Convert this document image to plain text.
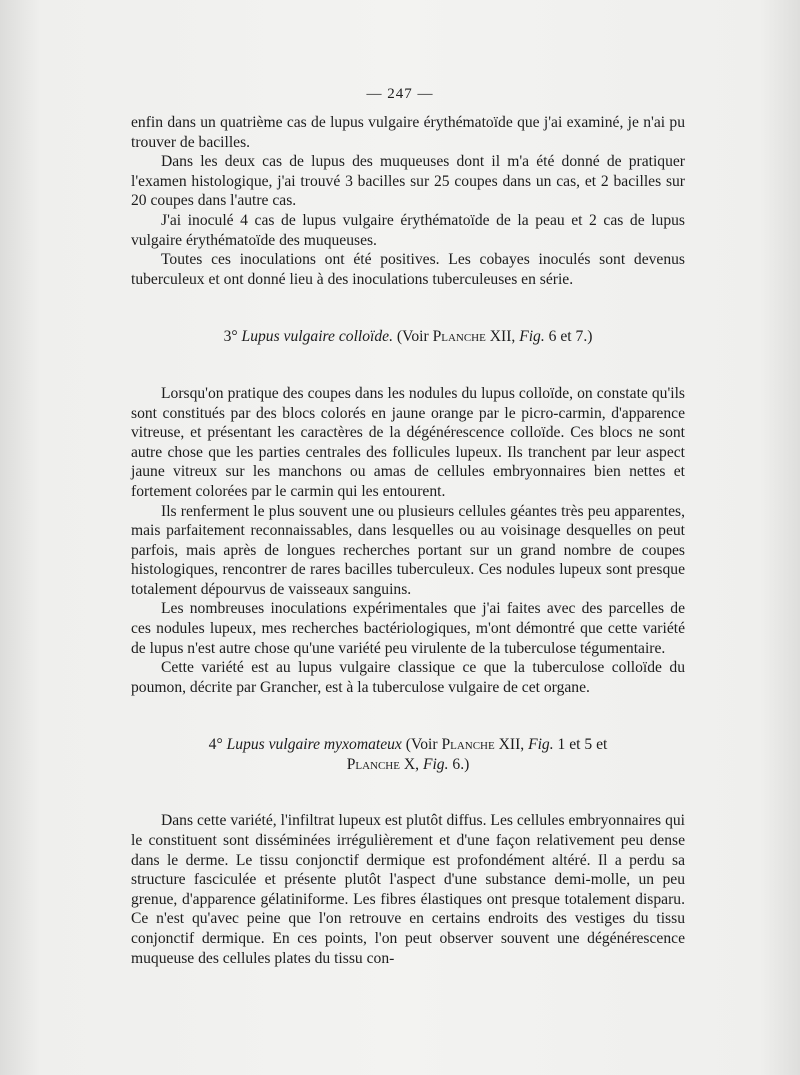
— 247 —

enfin dans un quatrième cas de lupus vulgaire érythématoïde que j'ai examiné, je n'ai pu trouver de bacilles.

Dans les deux cas de lupus des muqueuses dont il m'a été donné de pratiquer l'examen histologique, j'ai trouvé 3 bacilles sur 25 coupes dans un cas, et 2 bacilles sur 20 coupes dans l'autre cas.

J'ai inoculé 4 cas de lupus vulgaire érythématoïde de la peau et 2 cas de lupus vulgaire érythématoïde des muqueuses.

Toutes ces inoculations ont été positives. Les cobayes inoculés sont devenus tuberculeux et ont donné lieu à des inoculations tuberculeuses en série.

3° Lupus vulgaire colloïde. (Voir Planche XII, Fig. 6 et 7.)

Lorsqu'on pratique des coupes dans les nodules du lupus colloïde, on constate qu'ils sont constitués par des blocs colorés en jaune orange par le picro-carmin, d'apparence vitreuse, et présentant les caractères de la dégénérescence colloïde. Ces blocs ne sont autre chose que les parties centrales des follicules lupeux. Ils tranchent par leur aspect jaune vitreux sur les manchons ou amas de cellules embryonnaires bien nettes et fortement colorées par le carmin qui les entourent.

Ils renferment le plus souvent une ou plusieurs cellules géantes très peu apparentes, mais parfaitement reconnaissables, dans lesquelles ou au voisinage desquelles on peut parfois, mais après de longues recherches portant sur un grand nombre de coupes histologiques, rencontrer de rares bacilles tuberculeux. Ces nodules lupeux sont presque totalement dépourvus de vaisseaux sanguins.

Les nombreuses inoculations expérimentales que j'ai faites avec des parcelles de ces nodules lupeux, mes recherches bactériologiques, m'ont démontré que cette variété de lupus n'est autre chose qu'une variété peu virulente de la tuberculose tégumentaire.

Cette variété est au lupus vulgaire classique ce que la tuberculose colloïde du poumon, décrite par Grancher, est à la tuberculose vulgaire de cet organe.

4° Lupus vulgaire myxomateux (Voir Planche XII, Fig. 1 et 5 et
Planche X, Fig. 6.)

Dans cette variété, l'infiltrat lupeux est plutôt diffus. Les cellules embryonnaires qui le constituent sont disséminées irrégulièrement et d'une façon relativement peu dense dans le derme. Le tissu conjonctif dermique est profondément altéré. Il a perdu sa structure fasciculée et présente plutôt l'aspect d'une substance demi-molle, un peu grenue, d'apparence gélatiniforme. Les fibres élastiques ont presque totalement disparu. Ce n'est qu'avec peine que l'on retrouve en certains endroits des vestiges du tissu conjonctif dermique. En ces points, l'on peut observer souvent une dégénérescence muqueuse des cellules plates du tissu con-
